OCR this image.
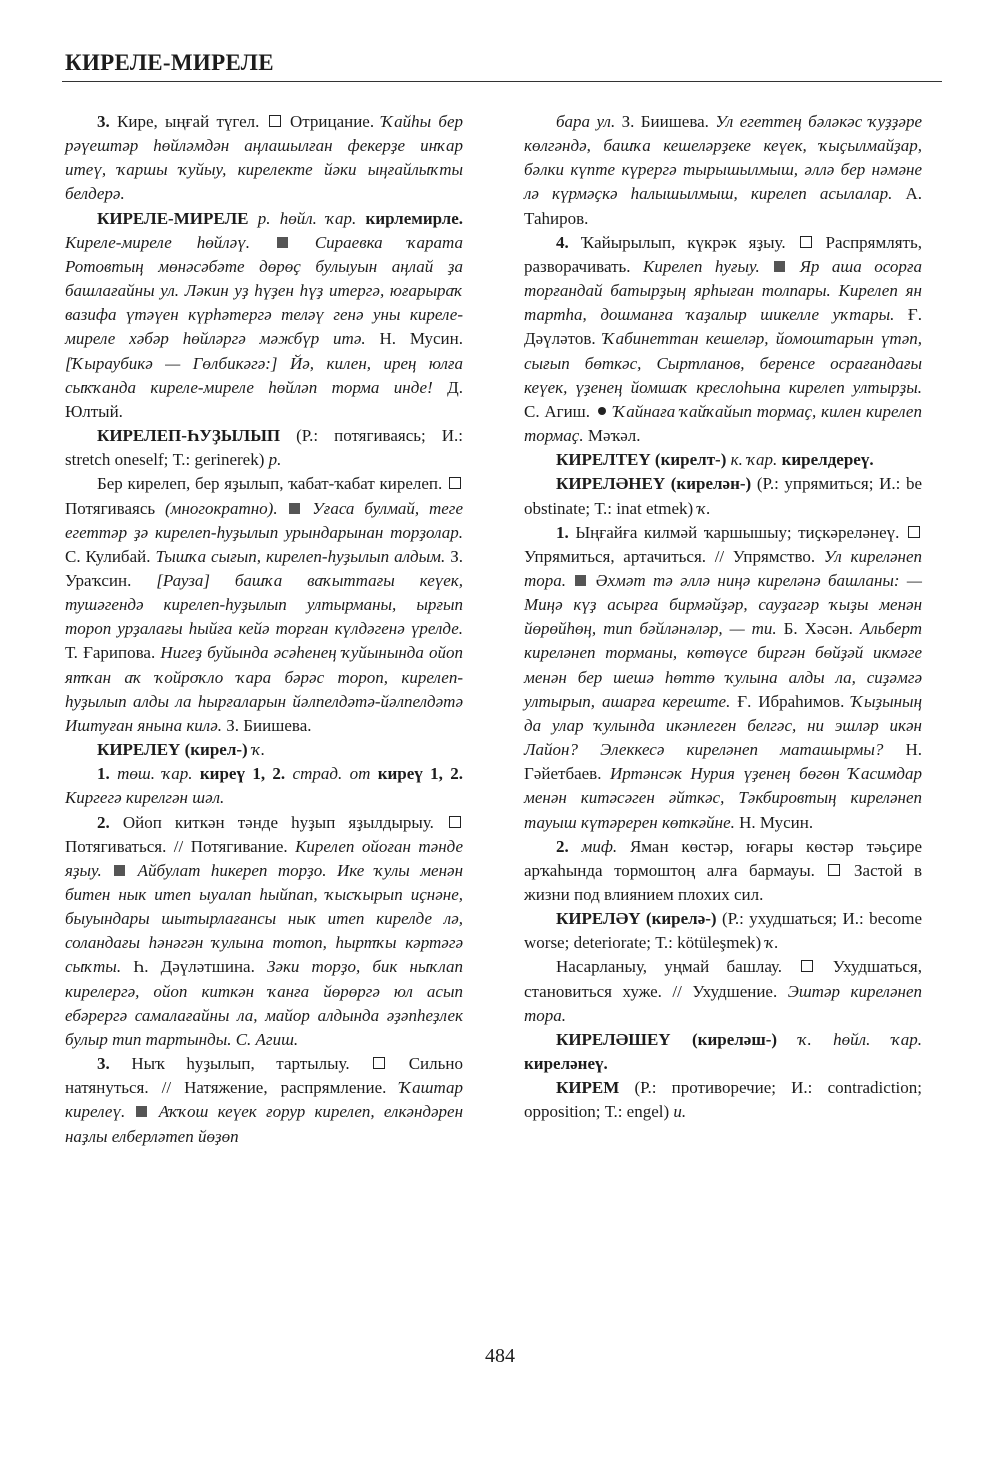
КИРЕЛЕ-МИРЕЛЕ

3. Кире, ыңғай түгел.  Отрицание. Ҡайһы бер рәүештәр һөйләмдән аңлашылған фекерҙе инҡар итеү, ҡаршы ҡуйыу, кирелекте йәки ыңғайлыҡты белдерә.

КИРЕЛЕ-МИРЕЛЕ р. һөйл. ҡар. кирлемирле. Киреле-миреле һөйләү.  Сираевка ҡарата Ротовтың мөнәсәбәте дөрөҫ булыуын аңлай ҙа башлағайны ул. Ләкин уҙ һүҙен һүҙ итергә, юғарыраҡ вазифа үтәүен күрһәтергә теләү генә уны киреле-миреле хәбәр һөйләргә мәжбүр итә. Н. Мусин. [Ҡыраубикә — Гөлбикәгә:] Йә, килен, ирең юлға сыҡҡанда киреле-миреле һөйләп торма инде! Д. Юлтый.

КИРЕЛЕП-ҺУҘЫЛЫП (Р.: потягиваясь; И.: stretch oneself; Т.: gerinerek) р.

Бер кирелеп, бер яҙылып, ҡабат-ҡабат кирелеп.  Потягиваясь (многократно).  Уғаса булмай, теге егеттәр ҙә кирелеп-һуҙылып урындарынан торҙолар. С. Кулибай. Тышҡа сығып, кирелеп-һуҙылып алдым. З. Ураҡсин. [Рауза] башҡа ваҡыттағы кеүек, тушәгендә кирелеп-һуҙылып ултырманы, ырғып тороп урҙалағы һыйға кейә торған күлдәгенә үрелде. Т. Ғарипова. Нигеҙ буйында әсәһенең ҡуйынында ойоп ятҡан аҡ ҡойроҡло ҡара бәрәс тороп, кирелеп-һуҙылып алды ла һырғаларын йәлпелдәтә-йәлпелдәтә Иштуған янына килә. З. Биишева.

КИРЕЛЕҮ (кирел-) ҡ.

1. төш. ҡар. киреү 1, 2. страд. от киреү 1, 2. Киргегә кирелгән шәл.

2. Ойоп киткән тәнде һуҙып яҙылдырыу.  Потягиваться. // Потягивание. Кирелеп ойоған тәнде яҙыу.  Айбулат һикереп торҙо. Ике ҡулы менән битен нык итеп ыуалап һыйпап, ҡысҡырып иҫнәне, быуындары шытырлағансы нык итеп кирелде лә, соландағы һәнәгән ҡулына тотоп, һыртҡы кәртәгә сыҡты. Һ. Дәүләтшина. Зәки торҙо, бик ныҡлап кирелергә, ойоп киткән ҡанға йөрөргә юл асып ебәрергә самалағайны ла, майор алдында әҙәпһеҙлек булыр тип тартынды. С. Агиш.

3. Ныҡ һуҙылып, тартылыу.  Сильно натянуться. // Натяжение, распрямление. Ҡаштар кирелеү.  Аҡҡош кеүек ғорур кирелеп, елкәндәрен наҙлы елберләтеп йөҙөп

бара ул. З. Биишева. Ул егеттең бәләкәс ҡуҙҙәре көлгәндә, башҡа кешеләрҙеке кеүек, ҡыҫылмайҙар, бәлки күпте күрергә тырышылмыш, әллә бер нәмәне лә күрмәҫкә һалышылмыш, кирелеп асылалар. А. Таһиров.

4. Ҡайырылып, күкрәк яҙыу.  Распрямлять, разворачивать. Кирелеп һуғыу.  Яр аша осорға торғандай батырҙың ярһыған толпары. Кирелеп ян тартһа, дошманға ҡаҙалыр шикелле уҡтары. Ғ. Дәүләтов. Ҡабинеттан кешеләр, йомоштарын үтәп, сығып бөткәс, Сыртланов, беренсе осрағандағы кеүек, үҙенең йомшаҡ креслоһына кирелеп ултырҙы. С. Агиш.  Ҡайнаға ҡайҡайып тормаҫ, килен кирелеп тормаҫ. Мәҡәл.

КИРЕЛТЕҮ (кирелт-) к. ҡар. кирелдереү.

КИРЕЛӘНЕҮ (кирелән-) (Р.: упрямиться; И.: be obstinate; Т.: inat etmek) ҡ.

1. Ыңғайға килмәй ҡаршышыу; тиҫкәреләнеү.  Упрямиться, артачиться. // Упрямство. Ул киреләнеп тора.  Әхмәт тә әллә ниңә киреләнә башланы: — Миңә күҙ асырға бирмәйҙәр, сауҙагәр ҡыҙы менән йөрөйһөң, тип бәйләнәләр, — ти. Б. Хәсән. Альберт киреләнеп торманы, көтөүсе биргән бөйҙәй икмәге менән бер шешә һөттө ҡулына алды ла, сиҙәмгә ултырып, ашарға кереште. Ғ. Ибраһимов. Ҡыҙының да улар ҡулында икәнлеген белгәс, ни эшләр икән Лайон? Элеккесә киреләнеп маташырмы? Н. Гәйетбаев. Иртәнсәк Нурия үҙенең бөгөн Ҡасимдар менән китәсәген әйткәс, Тәкбировтың киреләнеп тауыш күтәререн көткәйне. Н. Мусин.

2. миф. Яман көстәр, юғары көстәр тәьҫире арҡаһында тормоштоң алға бармауы.  Застой в жизни под влиянием плохих сил.

КИРЕЛӘҮ (кирелә-) (Р.: ухудшаться; И.: become worse; deteriorate; Т.: kötüleşmek) ҡ.

Насарланыу, уңмай башлау.  Ухудшаться, становиться хуже. // Ухудшение. Эштәр киреләнеп тора.

КИРЕЛӘШЕҮ (киреләш-) ҡ. һөйл. ҡар. киреләнеү.

КИРЕМ (Р.: противоречие; И.: contradiction; opposition; Т.: engel) и.

484
